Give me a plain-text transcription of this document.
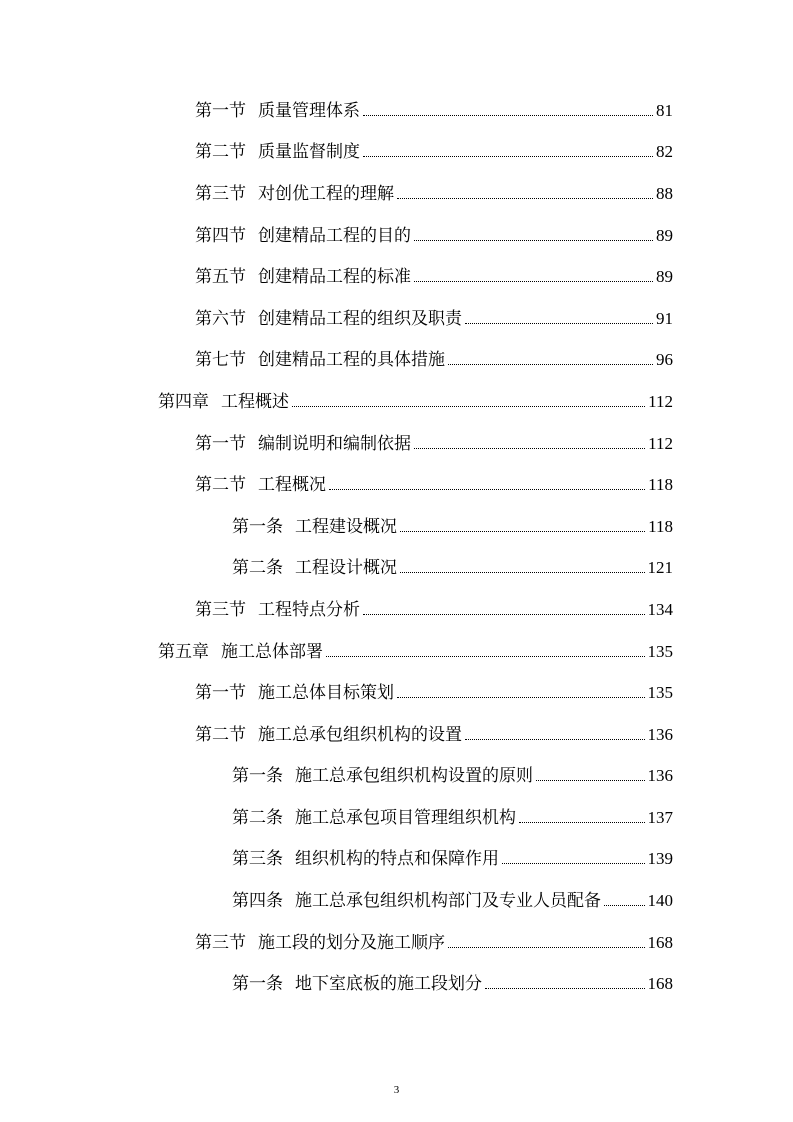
第一节 质量管理体系	81
第二节 质量监督制度	82
第三节 对创优工程的理解	88
第四节 创建精品工程的目的	89
第五节 创建精品工程的标准	89
第六节 创建精品工程的组织及职责	91
第七节 创建精品工程的具体措施	96
第四章 工程概述	112
第一节 编制说明和编制依据	112
第二节 工程概况	118
第一条 工程建设概况	118
第二条 工程设计概况	121
第三节 工程特点分析	134
第五章 施工总体部署	135
第一节 施工总体目标策划	135
第二节 施工总承包组织机构的设置	136
第一条 施工总承包组织机构设置的原则	136
第二条 施工总承包项目管理组织机构	137
第三条 组织机构的特点和保障作用	139
第四条 施工总承包组织机构部门及专业人员配备	140
第三节 施工段的划分及施工顺序	168
第一条 地下室底板的施工段划分	168
3
